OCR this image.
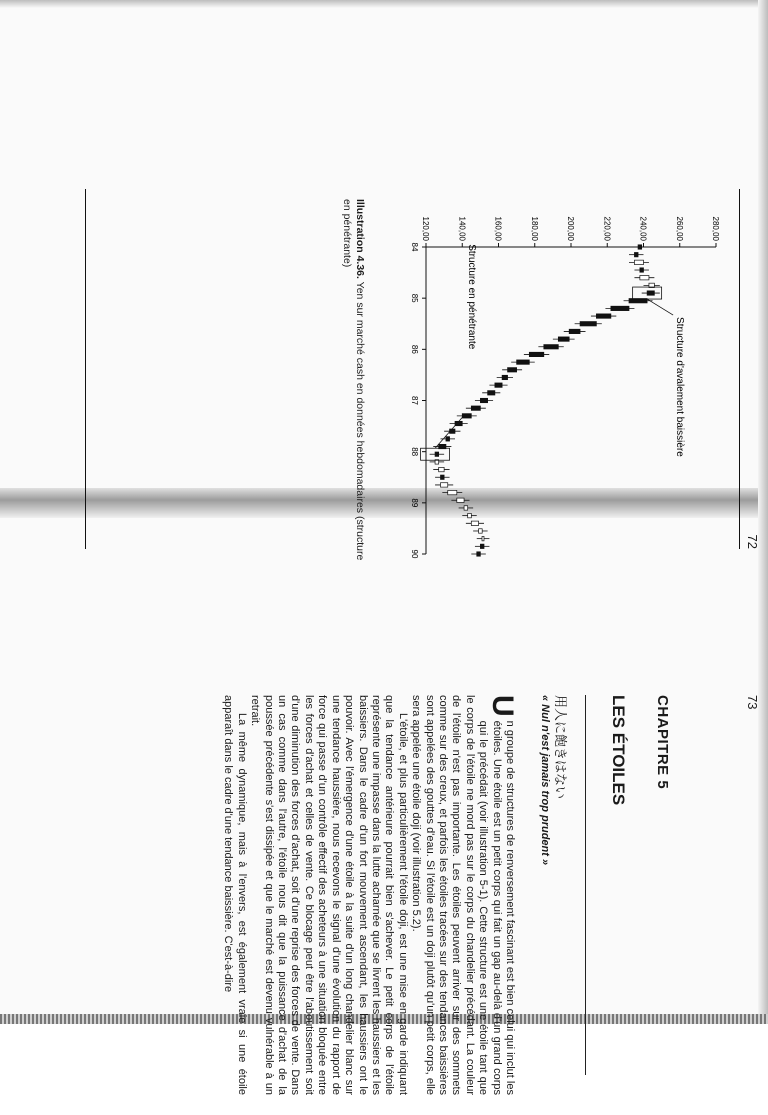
72
120,00	140,00	160,00	180,00	200,00	220,00	240,00	260,00	280,00
84
85
86
87
88
89
90
Structure d'avalement baissière
Structure en pénétrante
Illustration 4.36. Yen sur marché cash en données hebdomadaires (structure en pénétrante)
73
CHAPITRE 5
LES ÉTOILES
用人に飽きはない
« Nul n'est jamais trop prudent »

U
n groupe de structures de renversement fascinant est bien celui qui inclut les étoiles. Une étoile est un petit corps qui fait un gap au-delà d'un grand corps qui le précédait (voir illustration 5-1). Cette structure est une étoile tant que le corps de l'étoile ne mord pas sur le corps du chandelier précédant. La couleur de l'étoile n'est pas importante. Les étoiles peuvent arriver sur des sommets comme sur des creux, et parfois les étoiles tracées sur des tendances baissières sont appelées des gouttes d'eau. Si l'étoile est un doji plutôt qu'un petit corps, elle sera appelée une étoile doji (voir illustration 5.2).

L'étoile, et plus particulièrement l'étoile doji, est une mise en garde indiquant que la tendance antérieure pourrait bien s'achever. Le petit corps de l'étoile représente une impasse dans la lutte acharnée que se livrent les haussiers et les baissiers. Dans le cadre d'un fort mouvement ascendant, les haussiers ont le pouvoir. Avec l'émergence d'une étoile à la suite d'un long chandelier blanc sur une tendance haussière, nous recevons le signal d'une évolution du rapport de force qui passe d'un contrôle effectif des acheteurs à une situation bloquée entre les forces d'achat et celles de vente. Ce blocage peut être l'aboutissement soit d'une diminution des forces d'achat, soit d'une reprise des forces de vente. Dans un cas comme dans l'autre, l'étoile nous dit que la puissance d'achat de la poussée précédente s'est dissipée et que le marché est devenu vulnérable à un retrait.

La même dynamique, mais à l'envers, est également vraie si une étoile apparaît dans le cadre d'une tendance baissière. C'est-à-dire
